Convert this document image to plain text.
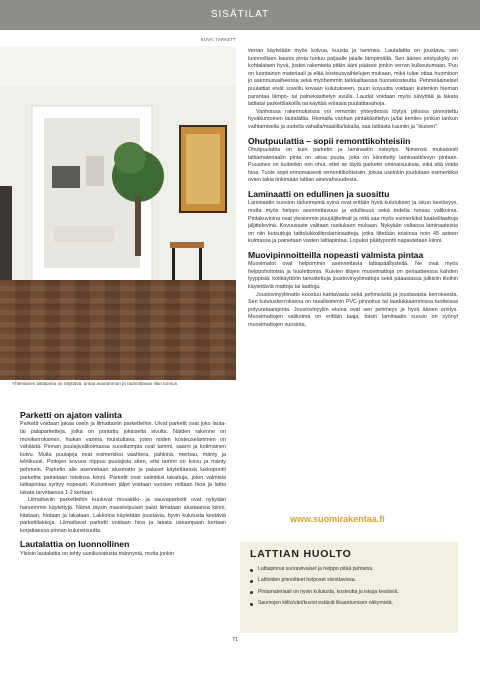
SISÄTILAT
KUVA: TARKETT
Yhtenäinen lattiapinta on näyttävä, antaa avaramman ja rauhoittavan tilan tunnun.
Parketti on ajaton valinta

Parketit voidaan jakaa usein ja liimattaviin parketteihin. Uivat parketit ovat joko lauta- tai palaparketteja, jotka on pontattu jokaiselta sivulta. Näiden rakenne on monikerroksinen, hiukan vanera muistuttava, joten niiden kosteuselaminen on vähäistä. Pinnan puulajivalikoimassa suosituimpia ovat tammi, saarni ja kotimainen koivu. Muita puulajeja ovat esimerkiksi vaahtera, pähkinä, merbau, mänty ja lehtikuusi. Pintojen kovuus riippuu puulajista siten, että tammi on koivu ja mänty pehmein. Parketin alle asennetaan alusmatto ja palaset käytettäessä lukkopontti parkettia painetaan toisiinsa kiinni. Parketit ovat valmiiksi lakattuja, joten valmista lattiapintaa syntyy nopeasti. Kulumisen jäljet voidaan vuosien mittaan hioa ja lattia lakata tarvittaessa 1-2 kertaan.

Liimattaviin parketteihin kuuluvat mosaiikki- ja sauvaparketit ovat nykyään harvemmin käytettyjä. Nämä täysin massiivipuiset palat liimataan alustaansa kiinni, kitataan, hiotaan ja lakataan. Lakkoina käytetään joustavia, hyvin kulutusta kestäviä parkettilakkoja. Liimattavat parketit voidaan hioa ja lakata useampaan kertaan korjattaessa pinnan kuluneisuutta.

Lautalattia on luonnollinen

Yleisin lautalattia on tehty uunikuivatusta männystä, mutta jonkin

verran käytetään myös koivua, kuusta ja tammea. Lautalattia on joustava, sen luonnollisen kaunis pinta tuntuu paljaalle jalalle lämpimältä. Sen äänen eristyskyky on kohtalaisen hyvä, joskin rakenteita pitkin ääni pääsee jonkin verran kulkeutumaan. Puu on luontainen materiaali ja elää kosteusvaihtelujen mukaan, mikä tulee ottaa huomioon jo asennusvaiheessa sekä myöhemmin tarkkailtaessa huonekosteutta. Pehmeäaineiset puulattiat eivät sovellu kovaan kulutukseen, puun kovuutta voidaan kuitenkin hieman parantaa lämpö- tai painekäsittelyn avulla. Laudat voidaan myös sävyttää ja lakata lattiatai parkettilakoilla tai käyttää erilaisia puulattiavahoja.

Vanhoissa rakennuksissa voi remontin yhteydessä löytyä piilossa pinnoitettu hyväkuntoinen lautalattia. Hiomalla vanhan pintakäsittelyn ja/tai kenties jonkun lankun vaihtamisella ja uudella vahalla/maalilla/lakalla, saa lattiasta kauniin ja "ikuisen".

Ohutpuulattia – sopii remonttikohteisiin

Ohutpuulattia on kuin parketin ja laminaatin risteytys. Nimensä mukaisesti lattiamateriaalin pinta on aitoa puuta, joka on kiinnitetty laminaattilevyn pintaan. Puuaines on kuitenkin niin ohut, ettei se täytä parketin ominaisuuksia, eikä sitä voida hioa. Tuote sopii erinomaisesti remonttikohteisiin, joissa useinkin joudutaan esimerkiksi ovien takia tinkimään lattian ainevahvuudesta.

Laminaatti on edullinen ja suosittu

Laminaatin suosion tärkeimpinä syinä ovat erittäin hyvä kulutuksen ja iskun kestävyys, mutta myös helppo asennettavuus ja edullisuus sekä todella runsas valikoima. Pintakuvioina ovat yleisimmin puujäljitelmät ja niitä saa myös esimerkiksi kaakelilaattoja jäljittelevinä. Kovuusaste valitaan rasituksen mukaan. Nykyään valtaosa laminaateista on niin kutsuttuja taittolukkoliitoslaminaatteja, jotka liitetään toisiinsa noin 45 asteen kulmassa ja painetaan vasten lattiapintaa. Lopuksi päätypontti napautetaan kiinni.

Muovipinnoitteilla nopeasti valmista pintaa

Muovimatot ovat helpommin asennettavia lattiapäällysteitä. Ne ovat myös helppohoitoisia ja huolettomia. Kuivien tilojen muovimattoja on periaatteessa kahden tyyppisiä: kotikäyttöön tarkoitettuja joustovinyylimattoja sekä pääasiassa julkisiin tiloihin käytettäviä mattoja tai laattoja.

Joustovinyylimatto koostuu kantavasta sekä pehmeästä ja joustavasta kerroksesta. Sen kulutuskerroksena on tavallisimmin PVC-pinnoitus tai laadukkaammissa tuotteissa polyuretaanipinta. Joustovinyyliin etuina ovat sen pehmeys ja hyvä äänen eristys. Muovimattojen valikoima on erittäin laaja, toisin laminaatin suosio on syönyt muovimattojen suosiota.

www.suomirakentaa.fi
LATTIAN HUOLTO
Lattiapinnat suoraviivaiset ja helppo pitää puhtaina.
Lattioiden pinnoitteet helposet siivottavissa.
Pintamateriaali on hyvin kulutusta, kosteutta ja iskuja kestäviä.
Saumojen kiilto/väri/kuviot estävät likaantumisen näkymistä.
71
